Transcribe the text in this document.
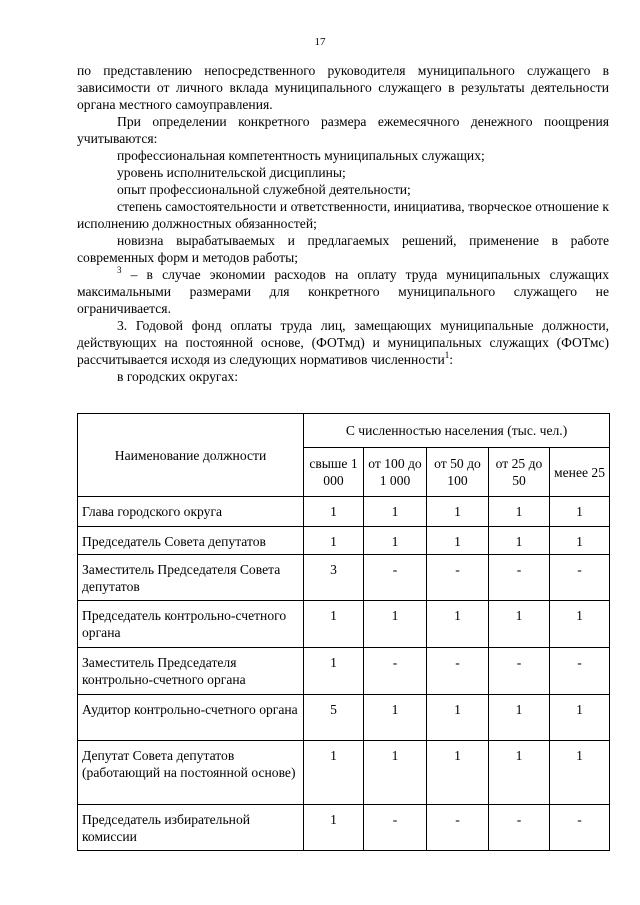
17

по представлению непосредственного руководителя муниципального служащего в зависимости от личного вклада муниципального служащего в результаты деятельности органа местного самоуправления.

При определении конкретного размера ежемесячного денежного поощрения учитываются:

профессиональная компетентность муниципальных служащих;

уровень исполнительской дисциплины;

опыт профессиональной служебной деятельности;

степень самостоятельности и ответственности, инициатива, творческое отношение к исполнению должностных обязанностей;

новизна вырабатываемых и предлагаемых решений, применение в работе современных форм и методов работы;

$^3$ – в случае экономии расходов на оплату труда муниципальных служащих максимальными размерами для конкретного муниципального служащего не ограничивается.

3. Годовой фонд оплаты труда лиц, замещающих муниципальные должности, действующих на постоянной основе, (ФОТмд) и муниципальных служащих (ФОТмс) рассчитывается исходя из следующих нормативов численности$^1$:

в городских округах:

Наименование должности	С численностью населения (тыс. чел.)				
	свыше 1 000	от 100 до 1 000	от 50 до 100	от 25 до 50	менее 25
Глава городского округа	1	1	1	1	1
Председатель Совета депутатов	1	1	1	1	1
Заместитель Председателя Совета депутатов	3	-	-	-	-
Председатель контрольно-счетного органа	1	1	1	1	1
Заместитель Председателя контрольно-счетного органа	1	-	-	-	-
Аудитор контрольно-счетного органа	5	1	1	1	1
Депутат Совета депутатов (работающий на постоянной основе)	1	1	1	1	1
Председатель избирательной комиссии	1	-	-	-	-
